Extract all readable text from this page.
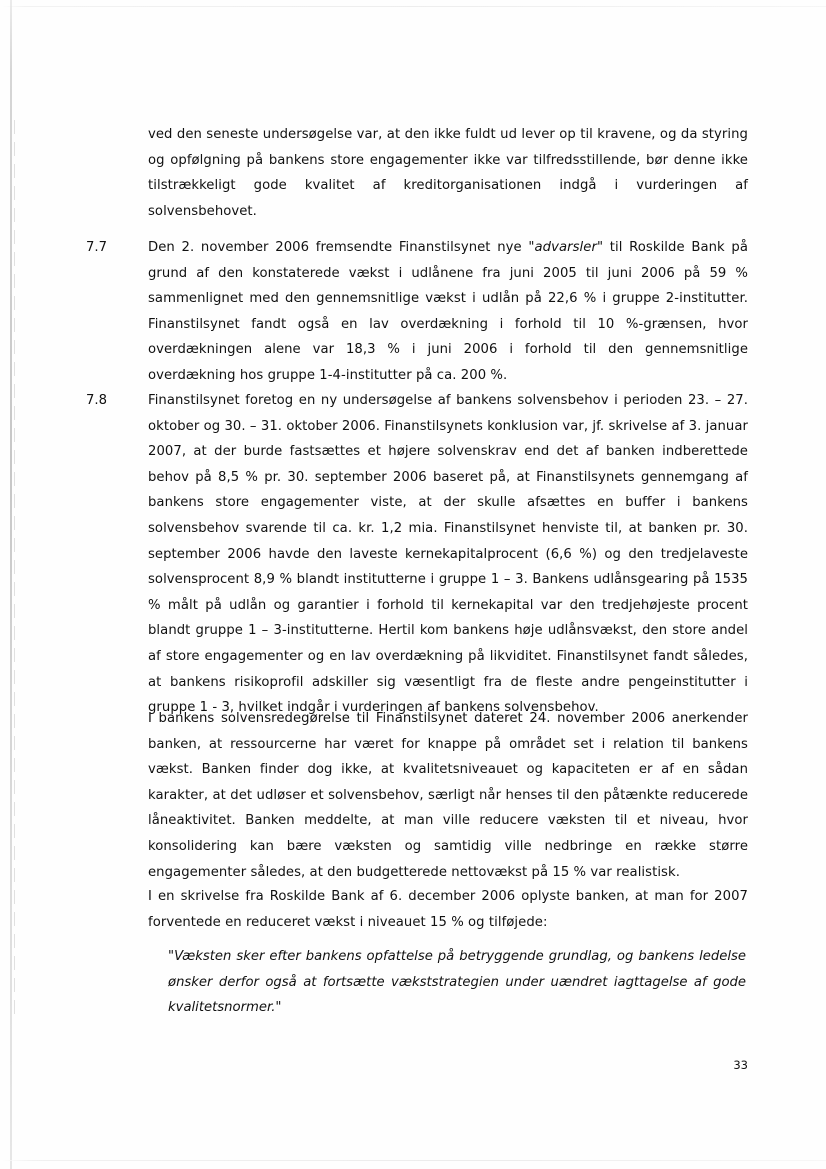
ved den seneste undersøgelse var, at den ikke fuldt ud lever op til kravene, og da styring og opfølgning på bankens store engagementer ikke var tilfredsstillende, bør denne ikke tilstrækkeligt gode kvalitet af kreditorganisationen indgå i vurderingen af solvensbehovet.
7.7	Den 2. november 2006 fremsendte Finanstilsynet nye "advarsler" til Roskilde Bank på grund af den konstaterede vækst i udlånene fra juni 2005 til juni 2006 på 59 % sammenlignet med den gennemsnitlige vækst i udlån på 22,6 % i gruppe 2-institutter. Finanstilsynet fandt også en lav overdækning i forhold til 10 %-grænsen, hvor overdækningen alene var 18,3 % i juni 2006 i forhold til den gennemsnitlige overdækning hos gruppe 1-4-institutter på ca. 200 %.
7.8	Finanstilsynet foretog en ny undersøgelse af bankens solvensbehov i perioden 23. – 27. oktober og 30. – 31. oktober 2006. Finanstilsynets konklusion var, jf. skrivelse af 3. januar 2007, at der burde fastsættes et højere solvenskrav end det af banken indberettede behov på 8,5 % pr. 30. september 2006 baseret på, at Finanstilsynets gennemgang af bankens store engagementer viste, at der skulle afsættes en buffer i bankens solvensbehov svarende til ca. kr. 1,2 mia. Finanstilsynet henviste til, at banken pr. 30. september 2006 havde den laveste kernekapitalprocent (6,6 %) og den tredjelaveste solvensprocent 8,9 % blandt institutterne i gruppe 1 – 3. Bankens udlånsgearing på 1535 % målt på udlån og garantier i forhold til kernekapital var den tredjehøjeste procent blandt gruppe 1 – 3-institutterne. Hertil kom bankens høje udlånsvækst, den store andel af store engagementer og en lav overdækning på likviditet. Finanstilsynet fandt således, at bankens risikoprofil adskiller sig væsentligt fra de fleste andre pengeinstitutter i gruppe 1 - 3, hvilket indgår i vurderingen af bankens solvensbehov.
I bankens solvensredegørelse til Finanstilsynet dateret 24. november 2006 anerkender banken, at ressourcerne har været for knappe på området set i relation til bankens vækst. Banken finder dog ikke, at kvalitetsniveauet og kapaciteten er af en sådan karakter, at det udløser et solvensbehov, særligt når henses til den påtænkte reducerede låneaktivitet. Banken meddelte, at man ville reducere væksten til et niveau, hvor konsolidering kan bære væksten og samtidig ville nedbringe en række større engagementer således, at den budgetterede nettovækst på 15 % var realistisk.
I en skrivelse fra Roskilde Bank af 6. december 2006 oplyste banken, at man for 2007 forventede en reduceret vækst i niveauet 15 % og tilføjede:
"Væksten sker efter bankens opfattelse på betryggende grundlag, og bankens ledelse ønsker derfor også at fortsætte vækststrategien under uændret iagttagelse af gode kvalitetsnormer."
33
